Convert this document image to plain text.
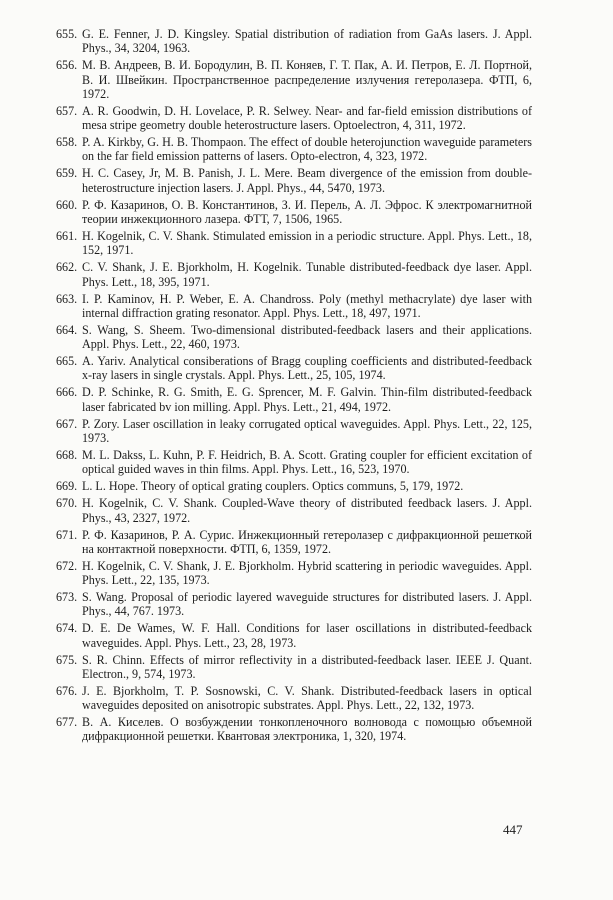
655. G. E. Fenner, J. D. Kingsley. Spatial distribution of radiation from GaAs lasers. J. Appl. Phys., 34, 3204, 1963.
656. М. В. Андреев, В. И. Бородулин, В. П. Коняев, Г. Т. Пак, А. И. Петров, Е. Л. Портной, В. И. Швейкин. Пространственное распределение излучения гетеролазера. ФТП, 6, 1972.
657. A. R. Goodwin, D. H. Lovelace, P. R. Selwey. Near- and far-field emission distributions of mesa stripe geometry double heterostructure lasers. Optoelectron, 4, 311, 1972.
658. P. A. Kirkby, G. H. B. Thompaon. The effect of double heterojunction waveguide parameters on the far field emission patterns of lasers. Opto-electron, 4, 323, 1972.
659. H. C. Casey, Jr, M. B. Panish, J. L. Mere. Beam divergence of the emission from double-heterostructure injection lasers. J. Appl. Phys., 44, 5470, 1973.
660. Р. Ф. Казаринов, О. В. Константинов, З. И. Перель, А. Л. Эфрос. К электромагнитной теории инжекционного лазера. ФТТ, 7, 1506, 1965.
661. H. Kogelnik, C. V. Shank. Stimulated emission in a periodic structure. Appl. Phys. Lett., 18, 152, 1971.
662. C. V. Shank, J. E. Bjorkholm, H. Kogelnik. Tunable distributed-feedback dye laser. Appl. Phys. Lett., 18, 395, 1971.
663. I. P. Kaminov, H. P. Weber, E. A. Chandross. Poly (methyl methacrylate) dye laser with internal diffraction grating resonator. Appl. Phys. Lett., 18, 497, 1971.
664. S. Wang, S. Sheem. Two-dimensional distributed-feedback lasers and their applications. Appl. Phys. Lett., 22, 460, 1973.
665. A. Yariv. Analytical consiberations of Bragg coupling coefficients and distributed-feedback x-ray lasers in single crystals. Appl. Phys. Lett., 25, 105, 1974.
666. D. P. Schinke, R. G. Smith, E. G. Sprencer, M. F. Galvin. Thin-film distributed-feedback laser fabricated bv ion milling. Appl. Phys. Lett., 21, 494, 1972.
667. P. Zory. Laser oscillation in leaky corrugated optical waveguides. Appl. Phys. Lett., 22, 125, 1973.
668. M. L. Dakss, L. Kuhn, P. F. Heidrich, B. A. Scott. Grating coupler for efficient excitation of optical guided waves in thin films. Appl. Phys. Lett., 16, 523, 1970.
669. L. L. Hope. Theory of optical grating couplers. Optics communs, 5, 179, 1972.
670. H. Kogelnik, C. V. Shank. Coupled-Wave theory of distributed feedback lasers. J. Appl. Phys., 43, 2327, 1972.
671. Р. Ф. Казаринов, Р. А. Сурис. Инжекционный гетеролазер с дифракционной решеткой на контактной поверхности. ФТП, 6, 1359, 1972.
672. H. Kogelnik, C. V. Shank, J. E. Bjorkholm. Hybrid scattering in periodic waveguides. Appl. Phys. Lett., 22, 135, 1973.
673. S. Wang. Proposal of periodic layered waveguide structures for distributed lasers. J. Appl. Phys., 44, 767. 1973.
674. D. E. De Wames, W. F. Hall. Conditions for laser oscillations in distributed-feedback waveguides. Appl. Phys. Lett., 23, 28, 1973.
675. S. R. Chinn. Effects of mirror reflectivity in a distributed-feedback laser. IEEE J. Quant. Electron., 9, 574, 1973.
676. J. E. Bjorkholm, T. P. Sosnowski, C. V. Shank. Distributed-feedback lasers in optical waveguides deposited on anisotropic substrates. Appl. Phys. Lett., 22, 132, 1973.
677. В. А. Киселев. О возбуждении тонкопленочного волновода с помощью объемной дифракционной решетки. Квантовая электроника, 1, 320, 1974.
447
